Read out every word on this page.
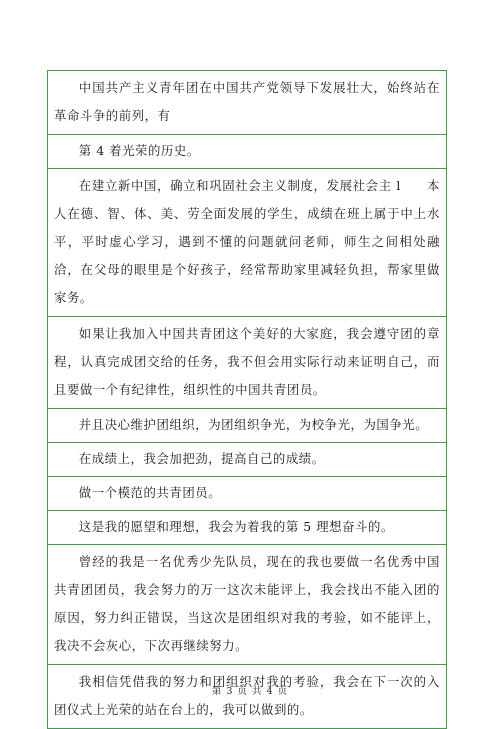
中国共产主义青年团在中国共产党领导下发展壮大，始终站在革命斗争的前列，有
第 4 着光荣的历史。
在建立新中国，确立和巩固社会主义制度，发展社会主 l　　本人在德、智、体、美、劳全面发展的学生，成绩在班上属于中上水平，平时虚心学习，遇到不懂的问题就问老师，师生之间相处融洽，在父母的眼里是个好孩子，经常帮助家里减轻负担，帮家里做家务。
如果让我加入中国共青团这个美好的大家庭，我会遵守团的章程，认真完成团交给的任务，我不但会用实际行动来证明自己，而且要做一个有纪律性，组织性的中国共青团员。
并且决心维护团组织，为团组织争光，为校争光，为国争光。
在成绩上，我会加把劲，提高自己的成绩。
做一个模范的共青团员。
这是我的愿望和理想，我会为着我的第 5 理想奋斗的。
曾经的我是一名优秀少先队员，现在的我也要做一名优秀中国共青团团员，我会努力的万一这次未能评上，我会找出不能入团的原因，努力纠正错误，当这次是团组织对我的考验，如不能评上，我决不会灰心，下次再继续努力。
我相信凭借我的努力和团组织对我的考验，我会在下一次的入团仪式上光荣的站在台上的，我可以做到的。
第 3 页 共 4 页
